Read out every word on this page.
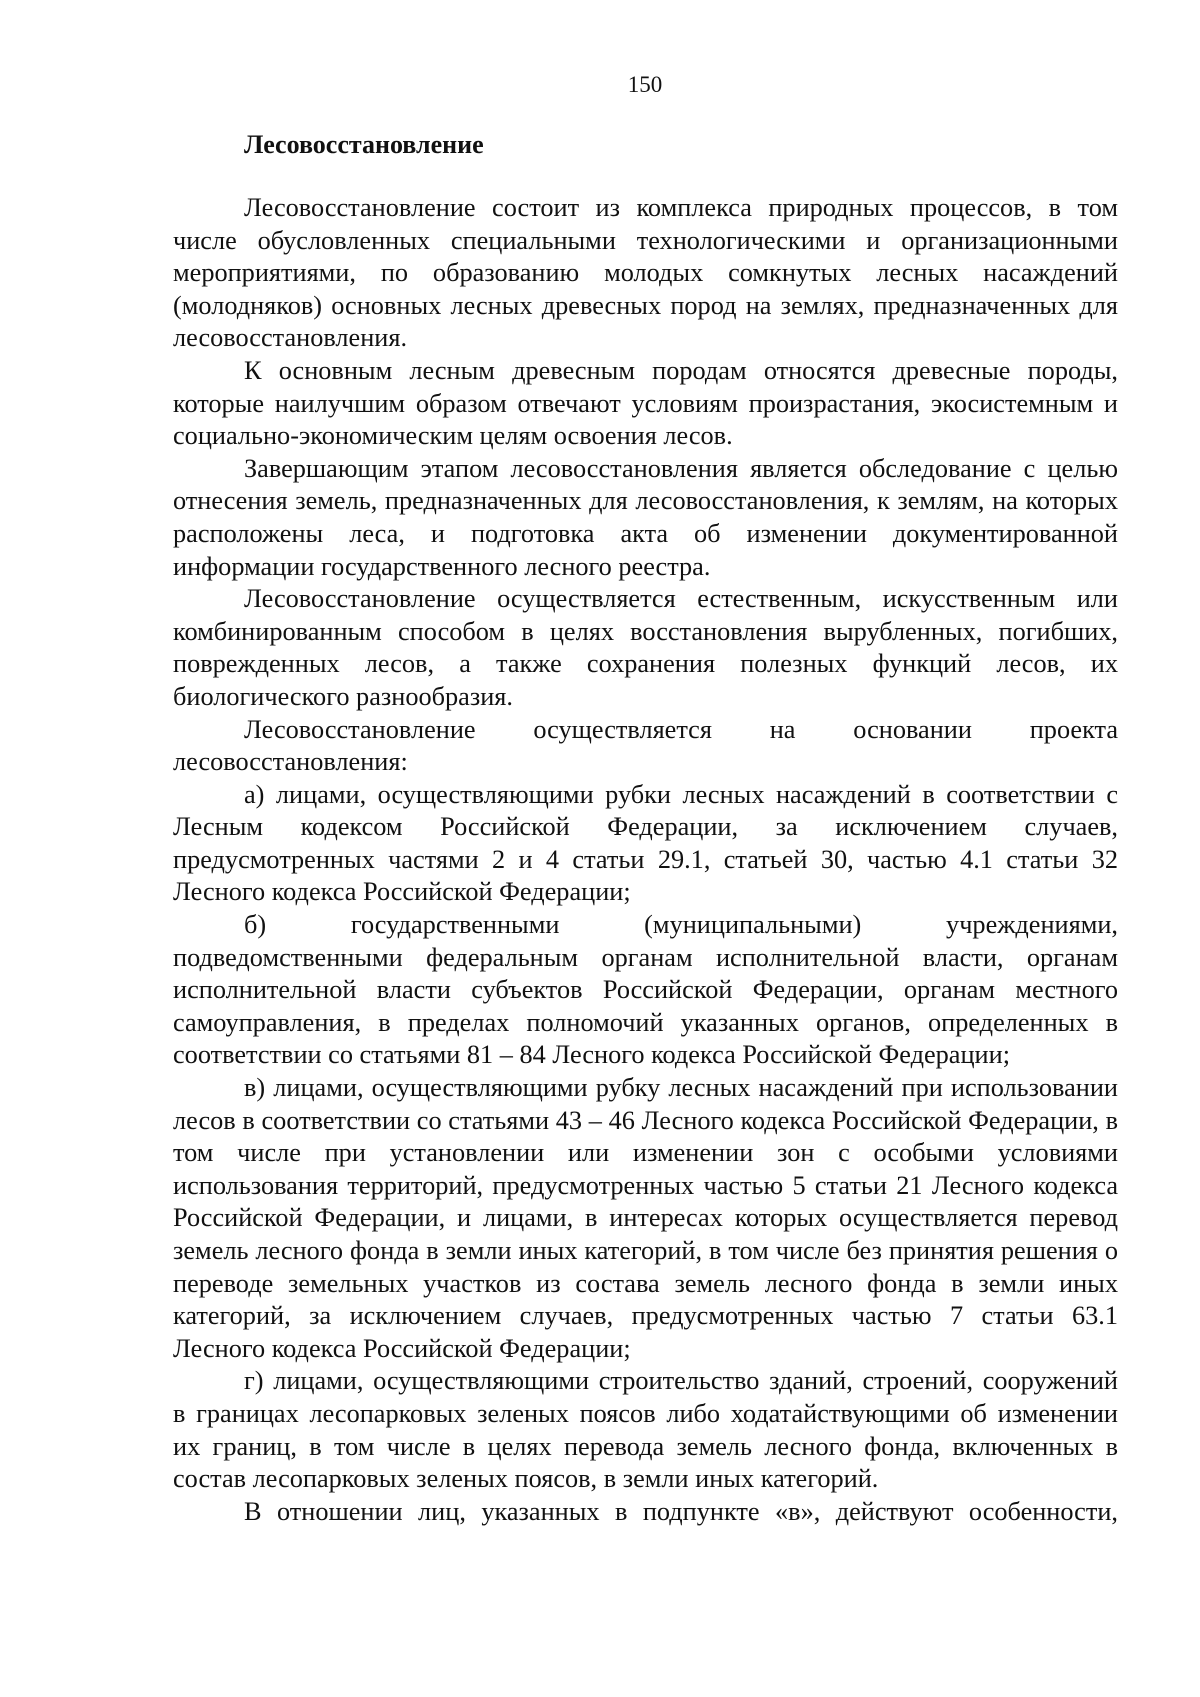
150
Лесовосстановление

Лесовосстановление состоит из комплекса природных процессов, в том числе обусловленных специальными технологическими и организационными мероприятиями, по образованию молодых сомкнутых лесных насаждений (молодняков) основных лесных древесных пород на землях, предназначенных для лесовосстановления.

К основным лесным древесным породам относятся древесные породы, которые наилучшим образом отвечают условиям произрастания, экосистемным и социально-экономическим целям освоения лесов.

Завершающим этапом лесовосстановления является обследование с целью отнесения земель, предназначенных для лесовосстановления, к землям, на которых расположены леса, и подготовка акта об изменении документированной информации государственного лесного реестра.

Лесовосстановление осуществляется естественным, искусственным или комбинированным способом в целях восстановления вырубленных, погибших, поврежденных лесов, а также сохранения полезных функций лесов, их биологического разнообразия.

Лесовосстановление осуществляется на основании проекта лесовосстановления:

а) лицами, осуществляющими рубки лесных насаждений в соответствии с Лесным кодексом Российской Федерации, за исключением случаев, предусмотренных частями 2 и 4 статьи 29.1, статьей 30, частью 4.1 статьи 32 Лесного кодекса Российской Федерации;

б) государственными (муниципальными) учреждениями, подведомственными федеральным органам исполнительной власти, органам исполнительной власти субъектов Российской Федерации, органам местного самоуправления, в пределах полномочий указанных органов, определенных в соответствии со статьями 81 – 84 Лесного кодекса Российской Федерации;

в) лицами, осуществляющими рубку лесных насаждений при использовании лесов в соответствии со статьями 43 – 46 Лесного кодекса Российской Федерации, в том числе при установлении или изменении зон с особыми условиями использования территорий, предусмотренных частью 5 статьи 21 Лесного кодекса Российской Федерации, и лицами, в интересах которых осуществляется перевод земель лесного фонда в земли иных категорий, в том числе без принятия решения о переводе земельных участков из состава земель лесного фонда в земли иных категорий, за исключением случаев, предусмотренных частью 7 статьи 63.1 Лесного кодекса Российской Федерации;

г) лицами, осуществляющими строительство зданий, строений, сооружений в границах лесопарковых зеленых поясов либо ходатайствующими об изменении их границ, в том числе в целях перевода земель лесного фонда, включенных в состав лесопарковых зеленых поясов, в земли иных категорий.

В отношении лиц, указанных в подпункте «в», действуют особенности,
